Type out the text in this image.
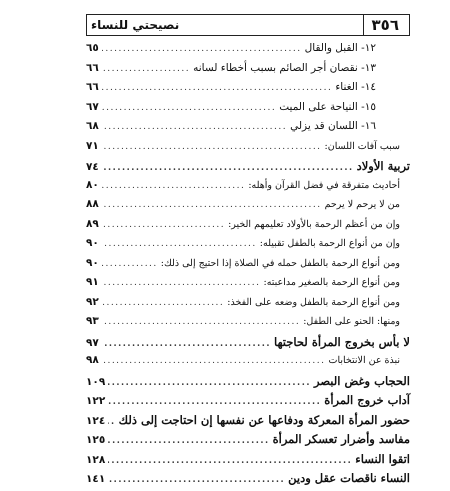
٣٥٦
نصيحتي للنساء
١٢- القبل والقال
.....
٦٥
١٣- نقصان أجر الصائم بسبب أخطاء لسانه
.....
٦٦
١٤- الغناء
.....
٦٦
١٥- النياحة على الميت
.....
٦٧
١٦- اللسان قد يزلي
.....
٦٨
سبب آفات اللسان:
.....
٧١
تربية الأولاد
.....
٧٤
أحاديث متفرقة في فضل القرآن وأهله:
.....
٨٠
من لا يرحم لا يرحم
.....
٨٨
وإن من أعظم الرحمة بالأولاد تعليمهم الخير:
.....
٨٩
وإن من أنواع الرحمة بالطفل تقبيله:
.....
٩٠
ومن أنواع الرحمة بالطفل حمله في الصلاة إذا احتيج إلى ذلك:
.....
٩٠
ومن أنواع الرحمة بالصغير مداعبته:
.....
٩١
ومن أنواع الرحمة بالطفل وضعه على الفخذ:
.....
٩٢
ومنها: الحنو على الطفل:
.....
٩٣
لا بأس بخروج المرأة لحاجتها
.....
٩٧
نبذة عن الانتخابات
.....
٩٨
الحجاب وغض البصر
.....
١٠٩
آداب خروج المرأة
.....
١٢٢
حضور المرأة المعركة ودفاعها عن نفسها إن احتاجت إلى ذلك
.....
١٢٤
مفاسد وأضرار تعسكر المرأة
.....
١٢٥
اتقوا النساء
.....
١٢٨
النساء ناقصات عقل ودين
.....
١٤١
